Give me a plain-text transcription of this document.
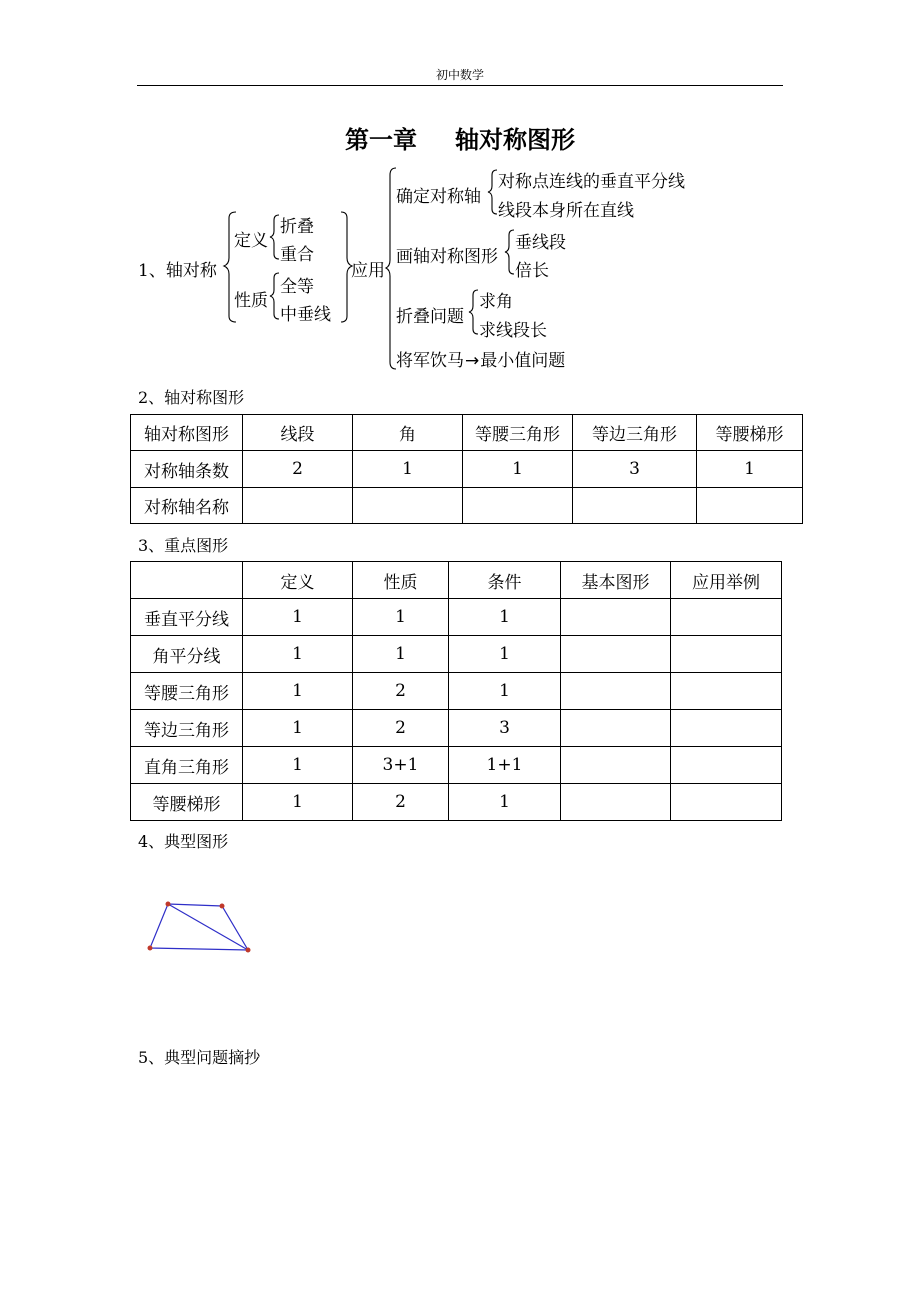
初中数学
第一章 轴对称图形
1、轴对称
定义
折叠
重合
性质
全等
中垂线
应用
确定对称轴
对称点连线的垂直平分线
线段本身所在直线
画轴对称图形
垂线段
倍长
折叠问题
求角
求线段长
将军饮马→最小值问题
2、轴对称图形
轴对称图形	线段	角	等腰三角形	等边三角形	等腰梯形
对称轴条数	2	1	1	3	1
对称轴名称					
3、重点图形
	定义	性质	条件	基本图形	应用举例
垂直平分线	1	1	1		
角平分线	1	1	1		
等腰三角形	1	2	1		
等边三角形	1	2	3		
直角三角形	1	3+1	1+1		
等腰梯形	1	2	1		
4、典型图形
5、典型问题摘抄
